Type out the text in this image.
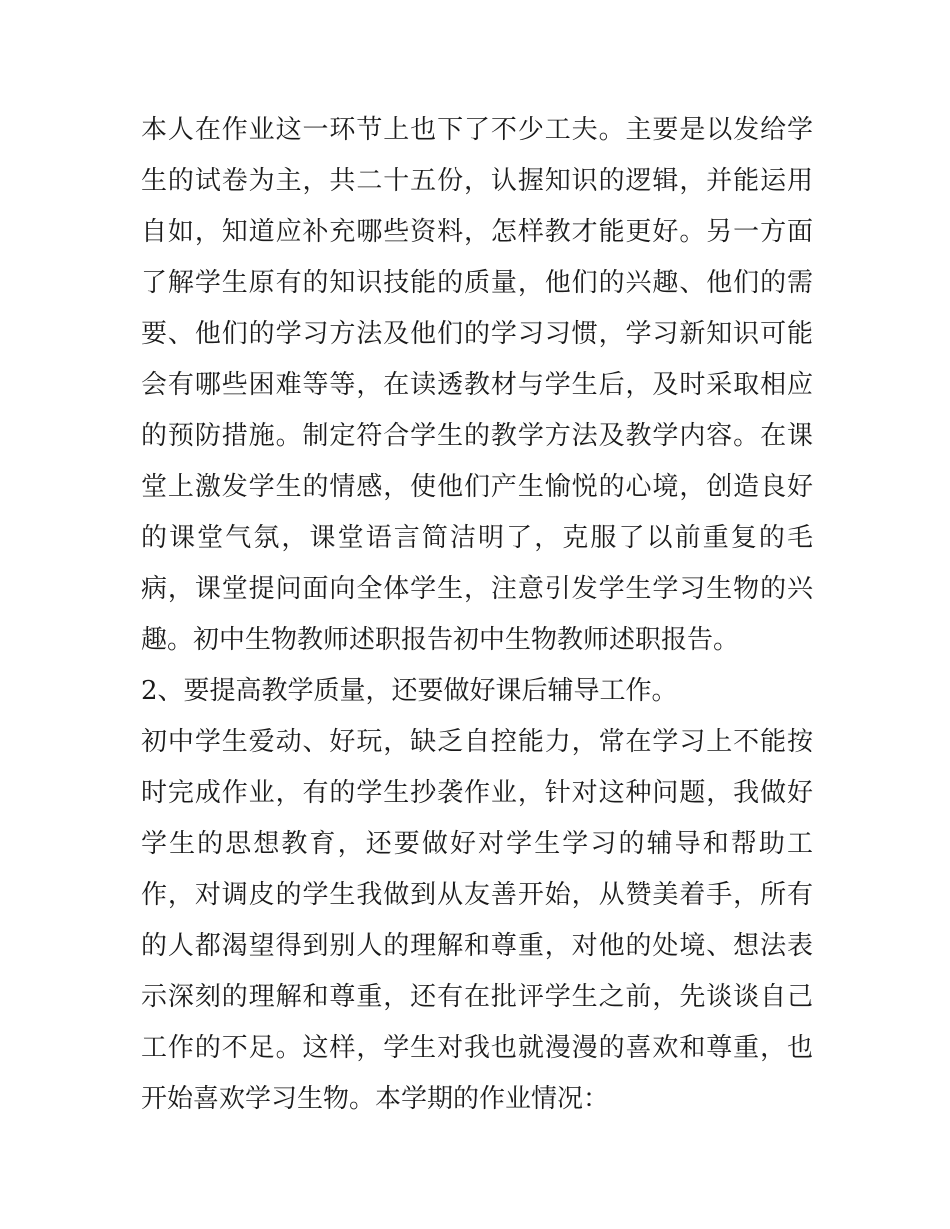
本人在作业这一环节上也下了不少工夫。主要是以发给学生的试卷为主，共二十五份，认握知识的逻辑，并能运用自如，知道应补充哪些资料，怎样教才能更好。另一方面了解学生原有的知识技能的质量，他们的兴趣、他们的需要、他们的学习方法及他们的学习习惯，学习新知识可能会有哪些困难等等，在读透教材与学生后，及时采取相应的预防措施。制定符合学生的教学方法及教学内容。在课堂上激发学生的情感，使他们产生愉悦的心境，创造良好的课堂气氛，课堂语言简洁明了，克服了以前重复的毛病，课堂提问面向全体学生，注意引发学生学习生物的兴趣。初中生物教师述职报告初中生物教师述职报告。

2、要提高教学质量，还要做好课后辅导工作。

初中学生爱动、好玩，缺乏自控能力，常在学习上不能按时完成作业，有的学生抄袭作业，针对这种问题，我做好学生的思想教育，还要做好对学生学习的辅导和帮助工作，对调皮的学生我做到从友善开始，从赞美着手，所有的人都渴望得到别人的理解和尊重，对他的处境、想法表示深刻的理解和尊重，还有在批评学生之前，先谈谈自己工作的不足。这样，学生对我也就漫漫的喜欢和尊重，也开始喜欢学习生物。本学期的作业情况：
